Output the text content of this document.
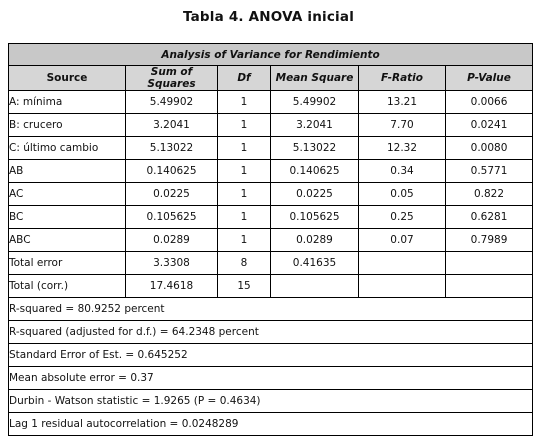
Tabla 4. ANOVA inicial
Analysis of Variance for Rendimiento					
Source	Sum of Squares	Df	Mean Square	F-Ratio	P-Value
A: mínima	5.49902	1	5.49902	13.21	0.0066
B: crucero	3.2041	1	3.2041	7.70	0.0241
C: último cambio	5.13022	1	5.13022	12.32	0.0080
AB	0.140625	1	0.140625	0.34	0.5771
AC	0.0225	1	0.0225	0.05	0.822
BC	0.105625	1	0.105625	0.25	0.6281
ABC	0.0289	1	0.0289	0.07	0.7989
Total error	3.3308	8	0.41635		
Total (corr.)	17.4618	15			
R-squared = 80.9252 percent					
R-squared (adjusted for d.f.) = 64.2348 percent					
Standard Error of Est. = 0.645252					
Mean absolute error = 0.37					
Durbin - Watson statistic = 1.9265 (P = 0.4634)					
Lag 1 residual autocorrelation = 0.0248289					
